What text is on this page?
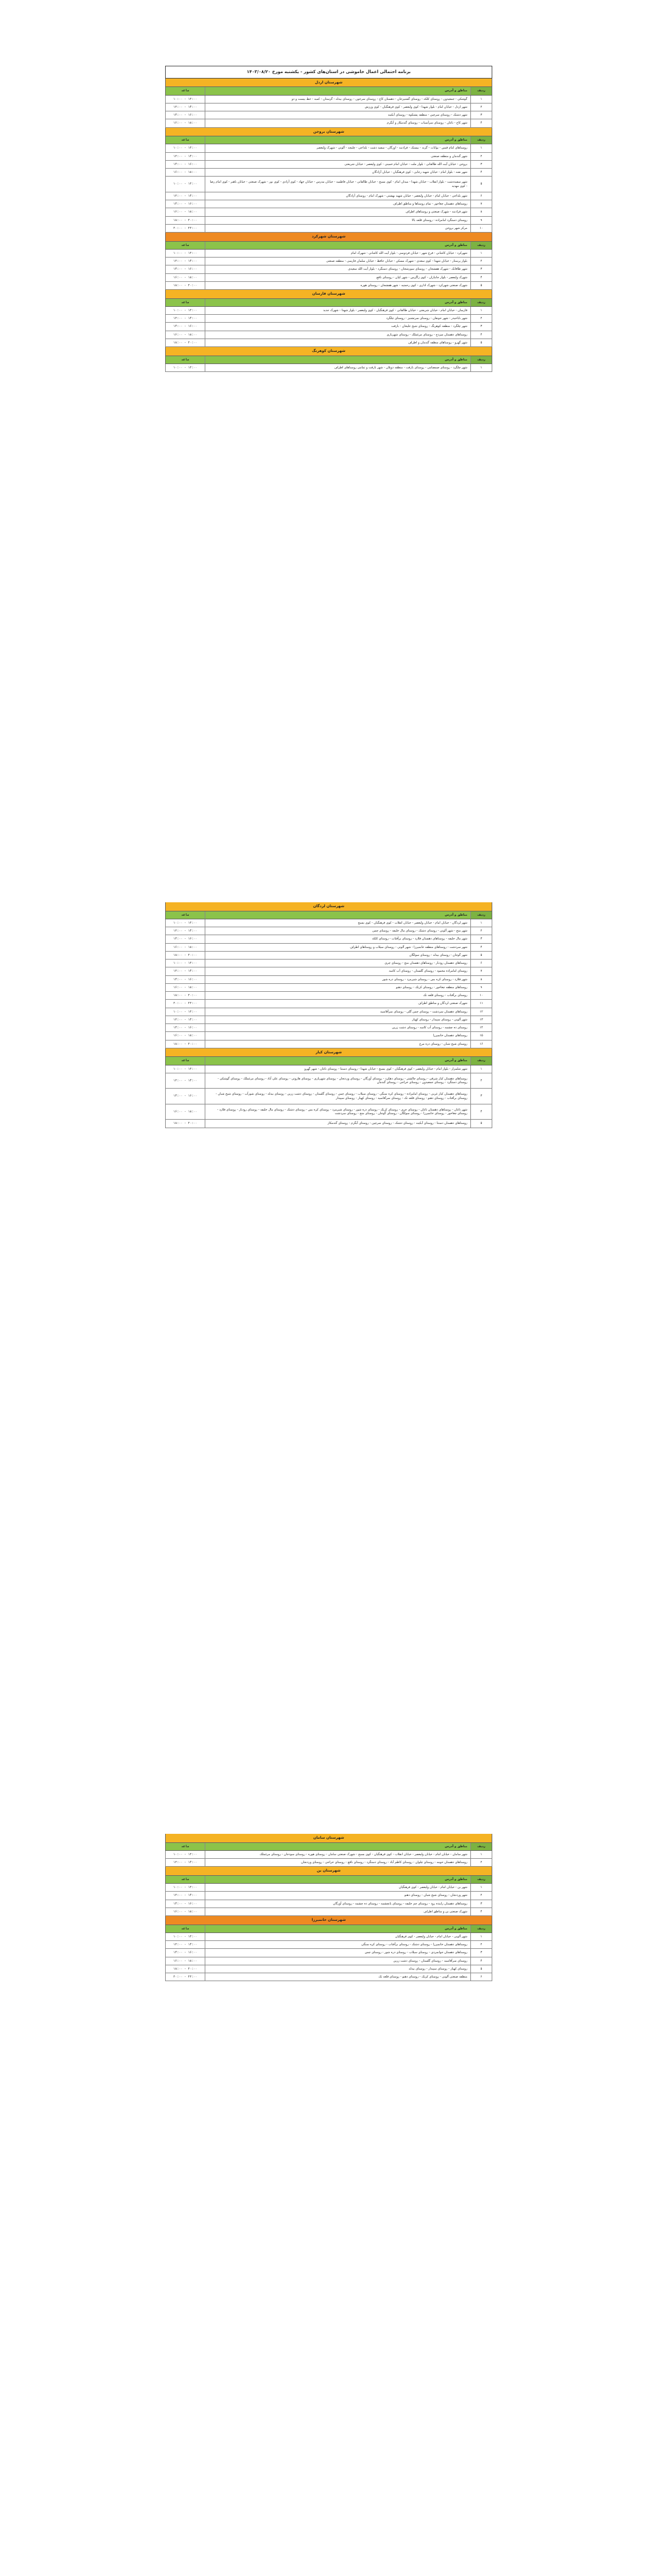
برنامه احتمالی اعمال خاموشی در استان‌های کشور - یکشنبه مورخ ۱۴۰۳/۰۸/۲۰
شهرستان اردل
ردیف
مناطق و آدرس
ساعت
۱
گوشکی - جمعیدون - روستای کلکه - روستای گشنیزجان - دهستان کاج - روستای سرخون - روستای بیدله - گزستان - کمبه - خط بیست و دو
۱۰:۰۰ - ۱۲:۰۰
۲
شهر اردل - خیابان امام - بلوار شهدا - کوی ولیعصر - کوی فرهنگیان - کوی ورزش
۱۲:۰۰ - ۱۴:۰۰
۳
شهر دشتک - روستای سرچین - منطقه پشتکوه - روستای آبکینه
۱۴:۰۰ - ۱۶:۰۰
۴
شهر کاج - ناغان - روستای سرآسیاب - روستای گندمکار و آبگرم
۱۶:۰۰ - ۱۸:۰۰
شهرستان بروجن
ردیف
مناطق و آدرس
ساعت
۱
روستاهای امام قیس - بوانات - گزنه - بیستک - فرادنبه - اورگان - سفید دشت - بلداجی - چلیچه - آلونی - شهرک ولیعصر
۱۰:۰۰ - ۱۲:۰۰
۲
شهر گندمان و منطقه صنعتی
۱۲:۰۰ - ۱۴:۰۰
۳
بروجن - خیابان آیت الله طالقانی - بلوار ملت - خیابان امام خمینی - کوی ولیعصر - خیابان شریعتی
۱۴:۰۰ - ۱۶:۰۰
۴
شهر نقنه - بلوار امام - خیابان شهید رجایی - کوی فرهنگیان - خیابان آزادگان
۱۶:۰۰ - ۱۸:۰۰
۵
شهر سفیددشت - بلوار انقلاب - خیابان شهدا - میدان امام - کوی بسیج - خیابان طالقانی - خیابان فاطمیه - خیابان مدرس - خیابان جهاد - کوی آزادی - کوی نور - شهرک صنعتی - خیابان باهنر - کوی امام رضا - کوی مهدیه
۱۰:۰۰ - ۱۲:۰۰
۶
شهر بلداجی - خیابان امام - خیابان ولیعصر - خیابان شهید بهشتی - شهرک امام - روستای آزادگان
۱۲:۰۰ - ۱۴:۰۰
۷
روستاهای دهستان چغاخور - تمام روستاها و مناطق اطراف
۱۴:۰۰ - ۱۶:۰۰
۸
شهر فرادبنه - شهرک صنعتی و روستاهای اطراف
۱۶:۰۰ - ۱۸:۰۰
۹
روستای دستگرد امامزاده - روستای قلعه بالا
۱۸:۰۰ - ۲۰:۰۰
۱۰
مرکز شهر بروجن
۲۰:۰۰ - ۲۲:۰۰
شهرستان شهرکرد
ردیف
مناطق و آدرس
ساعت
۱
شهرکرد - خیابان کاشانی - فرخ شهر - خیابان فردوسی - بلوار آیت الله کاشانی - شهرک امام
۱۰:۰۰ - ۱۲:۰۰
۲
بلوار پرستار - خیابان شهدا - کوی سعدی - شهرک مسکن - خیابان حافظ - خیابان سلمان فارسی - منطقه صنعتی
۱۲:۰۰ - ۱۴:۰۰
۳
شهر طاقانک - شهرک هفشجان - روستای سورشجان - روستای دستگرد - بلوار آیت الله سعیدی
۱۴:۰۰ - ۱۶:۰۰
۴
شهرک ولیعصر - بلوار جانبازان - کوی زاگرس - شهر کیان - روستای نافچ
۱۶:۰۰ - ۱۸:۰۰
۵
شهرک صنعتی شهرکرد - شهرک اداری - کوی رحمتیه - شهر هفشجان - روستای هوره
۱۸:۰۰ - ۲۰:۰۰
شهرستان فارسان
ردیف
مناطق و آدرس
ساعت
۱
فارسان - خیابان امام - خیابان شریعتی - خیابان طالقانی - کوی فرهنگیان - کوی ولیعصر - بلوار شهدا - شهرک جدید
۱۰:۰۰ - ۱۲:۰۰
۲
شهر باباحیدر - شهر جونقان - روستای سرتشنیز - روستای چلگرد
۱۲:۰۰ - ۱۴:۰۰
۳
شهر چلگرد - منطقه کوهرنگ - روستای شیخ علیخان - بازفت
۱۴:۰۰ - ۱۶:۰۰
۴
روستاهای دهستان میزدج - روستای مرغملک - روستای شهریاری
۱۶:۰۰ - ۱۸:۰۰
۵
شهر گهرو - روستاهای منطقه گندمان و اطراف
۱۸:۰۰ - ۲۰:۰۰
شهرستان کوهرنگ
ردیف
مناطق و آدرس
ساعت
۱
شهر چلگرد - روستای صمصامی - روستای بازفت - منطقه دوپلان - شهر بازفت و تمامی روستاهای اطراف
۱۰:۰۰ - ۱۲:۰۰
شهرستان لردگان
ردیف
مناطق و آدرس
ساعت
۱
شهر لردگان - خیابان امام - خیابان ولیعصر - خیابان انقلاب - کوی فرهنگیان - کوی بسیج
۱۰:۰۰ - ۱۲:۰۰
۲
شهر منج - شهر آلونی - روستای دشتک - روستای مال خلیفه - روستای چمن
۱۲:۰۰ - ۱۴:۰۰
۳
شهر مال خلیفه - روستاهای دهستان فلارد - روستای برآفتاب - روستای کلکه
۱۴:۰۰ - ۱۶:۰۰
۴
شهر سردشت - روستاهای منطقه خانمیرزا - شهر آلونی - روستای سیلاب و روستاهای اطراف
۱۶:۰۰ - ۱۸:۰۰
۵
شهر گوجان - روستای بیدله - روستای سولگان
۱۸:۰۰ - ۲۰:۰۰
۶
روستاهای دهستان رودبار - روستاهای دهستان منج - روستای چری
۱۰:۰۰ - ۱۲:۰۰
۷
روستای امامزاده محمود - روستای گلستان - روستای آب کاسه
۱۲:۰۰ - ۱۴:۰۰
۸
شهر فلارد - روستای کره بس - روستای شیرمرد - روستای دره شور
۱۴:۰۰ - ۱۶:۰۰
۹
روستاهای منطقه چغاخور - روستای کرتک - روستای دهنو
۱۶:۰۰ - ۱۸:۰۰
۱۰
روستای برآفتاب - روستای قلعه تک
۱۸:۰۰ - ۲۰:۰۰
۱۱
شهرک صنعتی لردگان و مناطق اطراف
۲۰:۰۰ - ۲۲:۰۰
۱۲
روستاهای دهستان سردشت - روستای چمن گلی - روستای سرآقاسید
۱۰:۰۰ - ۱۲:۰۰
۱۳
شهر آلونی - روستای سپیدار - روستای کهیاز
۱۲:۰۰ - ۱۴:۰۰
۱۴
روستای ده چشمه - روستای آب کاسه - روستای دشت زرین
۱۴:۰۰ - ۱۶:۰۰
۱۵
روستاهای دهستان خانمیرزا
۱۶:۰۰ - ۱۸:۰۰
۱۶
روستای شیخ شبان - روستای دره مرغ
۱۸:۰۰ - ۲۰:۰۰
شهرستان کیار
ردیف
مناطق و آدرس
ساعت
۱
شهر شلمزار - بلوار امام - خیابان ولیعصر - کوی فرهنگیان - کوی بسیج - خیابان شهدا - روستای دستنا - روستای ناغان - شهر گهرو
۱۰:۰۰ - ۱۲:۰۰
۲
روستاهای دهستان کیار شرقی - روستای چالشتر - روستای دهکرد - روستای آورگان - روستای وردنجان - روستای شهریاری - روستای هارونی - روستای علی آباد - روستای مرغملک - روستای گوشکی - روستای دستگرد - روستای جمعیدون - روستای خراجی - روستای گندمان
۱۲:۰۰ - ۱۴:۰۰
۳
روستاهای دهستان کیار غربی - روستای امامزاده - روستای کره سنگی - روستای سیلاب - روستای چمن - روستای گلستان - روستای دشت زرین - روستای بیدله - روستای شورآب - روستای شیخ شبان - روستای برآفتاب - روستای دهنو - روستای قلعه تک - روستای سرآقاسید - روستای کهیاز - روستای سپیدار
۱۴:۰۰ - ۱۶:۰۰
۴
شهر ناغان - روستاهای دهستان ناغان - روستای چری - روستای کرتک - روستای دره شور - روستای شیرمرد - روستای کره بس - روستای دشتک - روستای مال خلیفه - روستای رودبار - روستای فلارد - روستای چغاخور - روستای خانمیرزا - روستای سولگان - روستای گوجان - روستای منج - روستای سردشت
۱۶:۰۰ - ۱۸:۰۰
۵
روستاهای دهستان دستنا - روستای آبکینه - روستای دشتک - روستای سرچین - روستای آبگرم - روستای گندمکار
۱۸:۰۰ - ۲۰:۰۰
شهرستان سامان
ردیف
مناطق و آدرس
ساعت
۱
شهر سامان - خیابان امام - خیابان ولیعصر - خیابان انقلاب - کوی فرهنگیان - کوی بسیج - شهرک صنعتی سامان - روستای هوره - روستای سودجان - روستای مرغملک
۱۰:۰۰ - ۱۲:۰۰
۲
روستاهای دهستان حومه - روستای چلوان - روستای کاظم آباد - روستای دستگرد - روستای نافچ - روستای خراجی - روستای وردنجان
۱۲:۰۰ - ۱۴:۰۰
شهرستان بن
ردیف
مناطق و آدرس
ساعت
۱
شهر بن - خیابان امام - خیابان ولیعصر - کوی فرهنگیان
۱۰:۰۰ - ۱۲:۰۰
۲
شهر وردنجان - روستای شیخ شبان - روستای دهنو
۱۲:۰۰ - ۱۴:۰۰
۳
روستاهای دهستان زاینده رود - روستای چم خلیفه - روستای یانچشمه - روستای ده چشمه - روستای آورگان
۱۴:۰۰ - ۱۶:۰۰
۴
شهرک صنعتی بن و مناطق اطراف
۱۶:۰۰ - ۱۸:۰۰
شهرستان خانمیرزا
ردیف
مناطق و آدرس
ساعت
۱
شهر آلونی - خیابان امام - خیابان ولیعصر - کوی فرهنگیان
۱۰:۰۰ - ۱۲:۰۰
۲
روستاهای دهستان خانمیرزا - روستای دشتک - روستای برآفتاب - روستای کره سنگی
۱۲:۰۰ - ۱۴:۰۰
۳
روستاهای دهستان جوانمردی - روستای سیلاب - روستای دره شور - روستای چمن
۱۴:۰۰ - ۱۶:۰۰
۴
روستای سرآقاسید - روستای گلستان - روستای دشت زرین
۱۶:۰۰ - ۱۸:۰۰
۵
روستای کهیاز - روستای سپیدار - روستای بیدله
۱۸:۰۰ - ۲۰:۰۰
۶
منطقه صنعتی آلونی - روستای کرتک - روستای دهنو - روستای قلعه تک
۲۰:۰۰ - ۲۲:۰۰
